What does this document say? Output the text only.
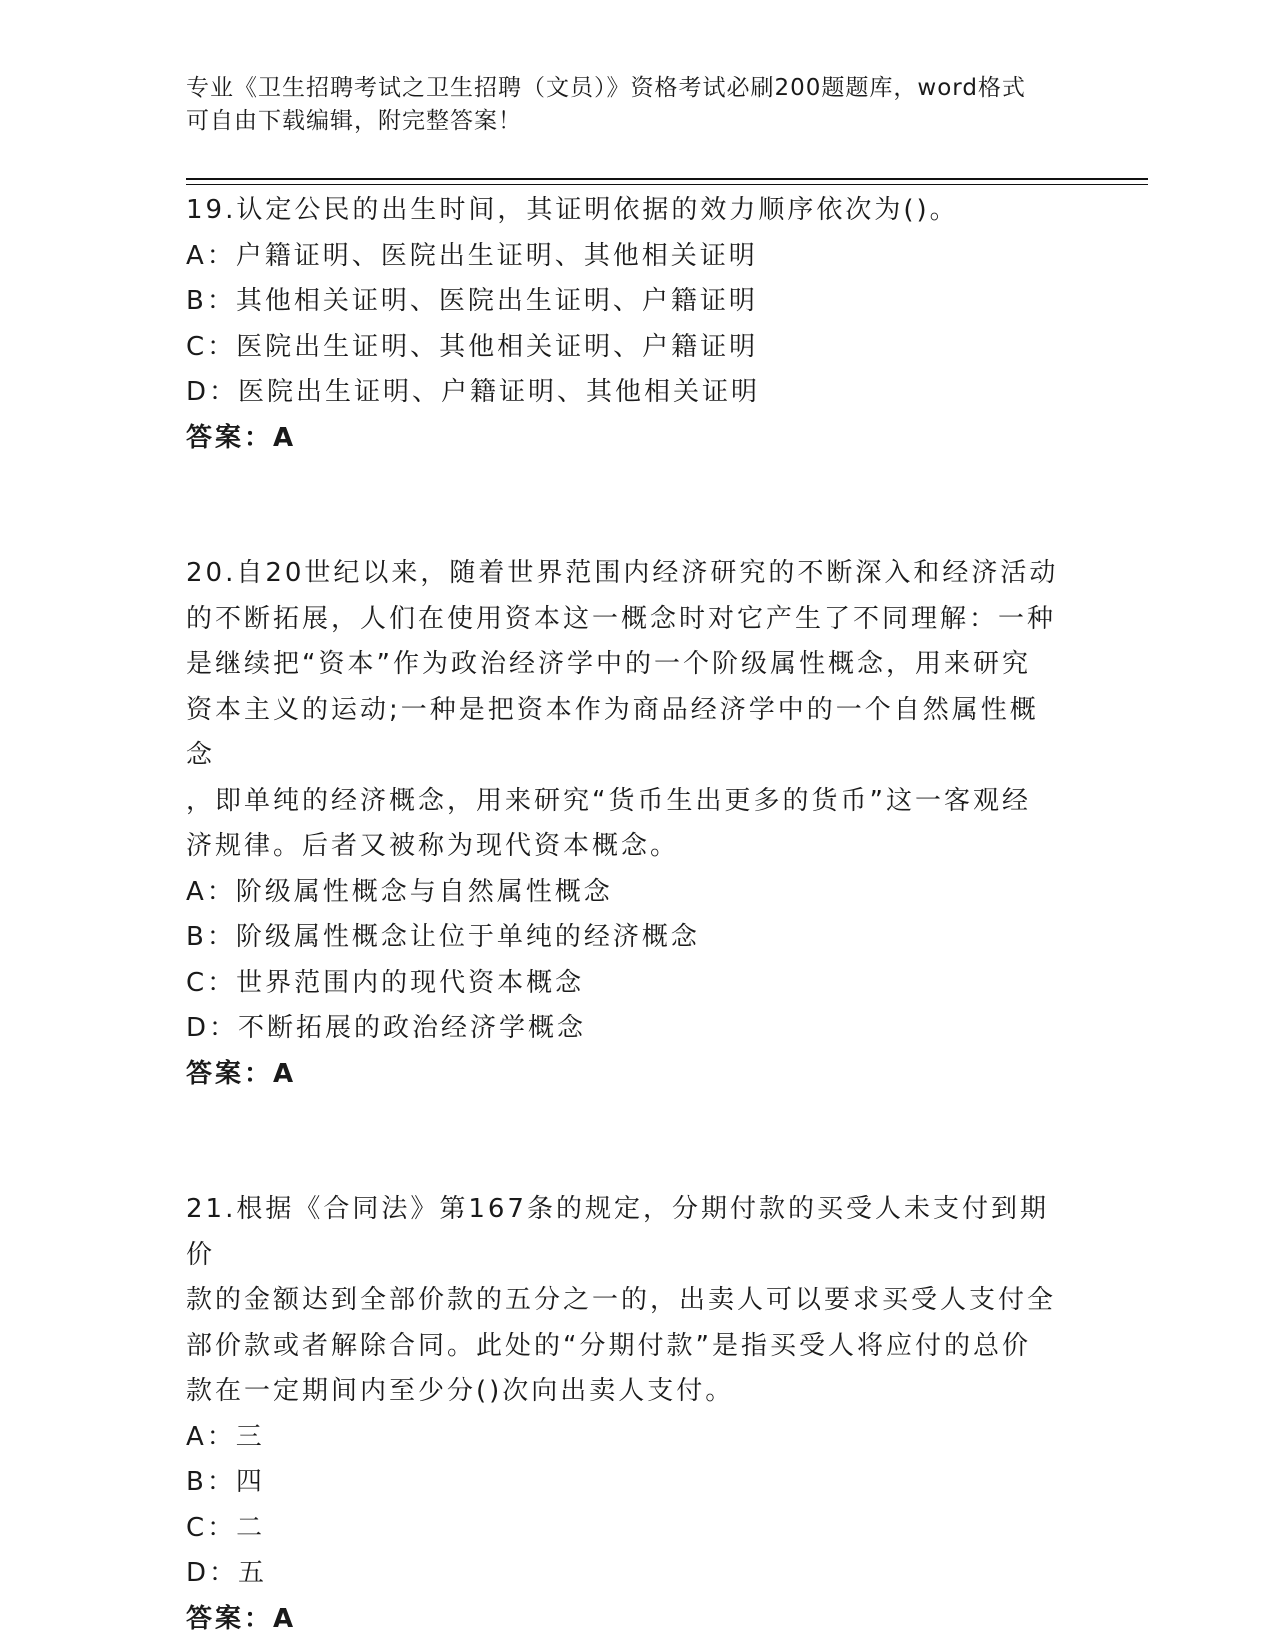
专业《卫生招聘考试之卫生招聘（文员）》资格考试必刷200题题库，word格式
可自由下载编辑，附完整答案！

19.认定公民的出生时间，其证明依据的效力顺序依次为()。

A：户籍证明、医院出生证明、其他相关证明

B：其他相关证明、医院出生证明、户籍证明

C：医院出生证明、其他相关证明、户籍证明

D：医院出生证明、户籍证明、其他相关证明

答案：A

20.自20世纪以来，随着世界范围内经济研究的不断深入和经济活动

的不断拓展，人们在使用资本这一概念时对它产生了不同理解：一种

是继续把“资本”作为政治经济学中的一个阶级属性概念，用来研究

资本主义的运动;一种是把资本作为商品经济学中的一个自然属性概念

，即单纯的经济概念，用来研究“货币生出更多的货币”这一客观经

济规律。后者又被称为现代资本概念。

A：阶级属性概念与自然属性概念

B：阶级属性概念让位于单纯的经济概念

C：世界范围内的现代资本概念

D：不断拓展的政治经济学概念

答案：A

21.根据《合同法》第167条的规定，分期付款的买受人未支付到期价

款的金额达到全部价款的五分之一的，出卖人可以要求买受人支付全

部价款或者解除合同。此处的“分期付款”是指买受人将应付的总价

款在一定期间内至少分()次向出卖人支付。

A：三

B：四

C：二

D：五

答案：A
